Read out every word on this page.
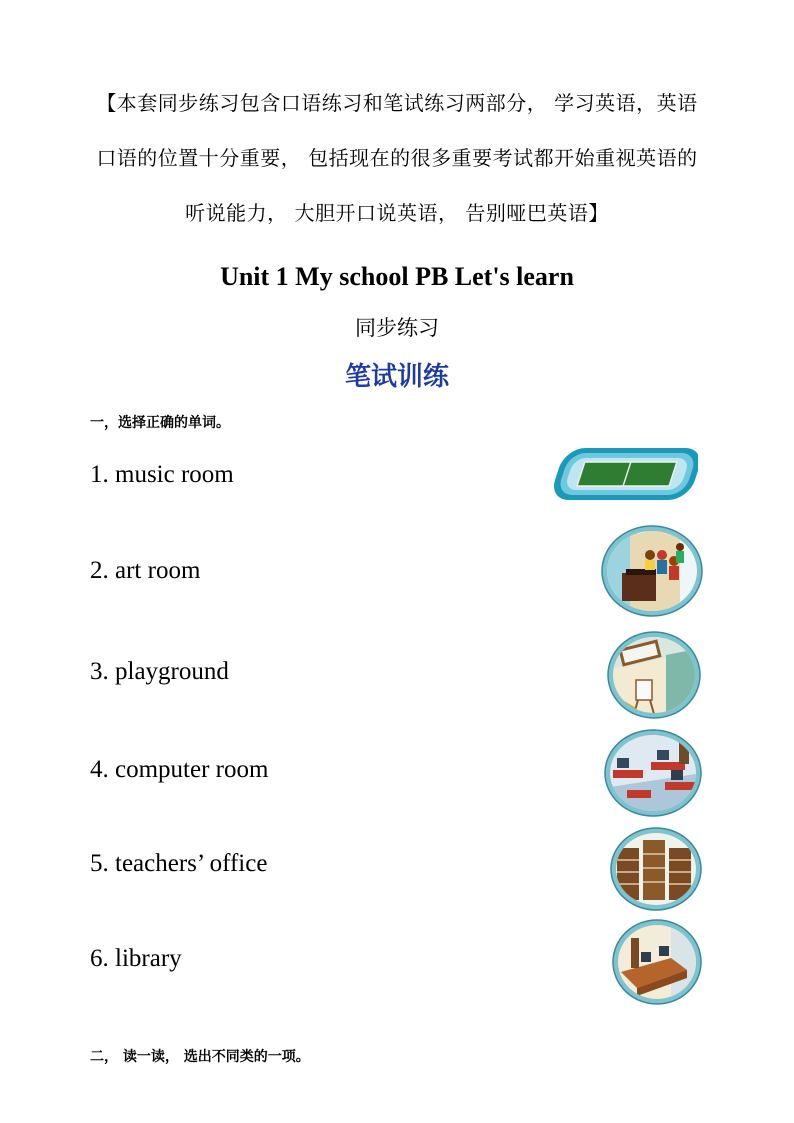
【本套同步练习包含口语练习和笔试练习两部分， 学习英语，英语口语的位置十分重要， 包括现在的很多重要考试都开始重视英语的听说能力， 大胆开口说英语， 告别哑巴英语】
Unit 1 My school PB Let's learn
同步练习
笔试训练
一，选择正确的单词。
1. music room
2. art room
3. playground
4. computer room
5. teachers’ office
6. library
二， 读一读， 选出不同类的一项。
